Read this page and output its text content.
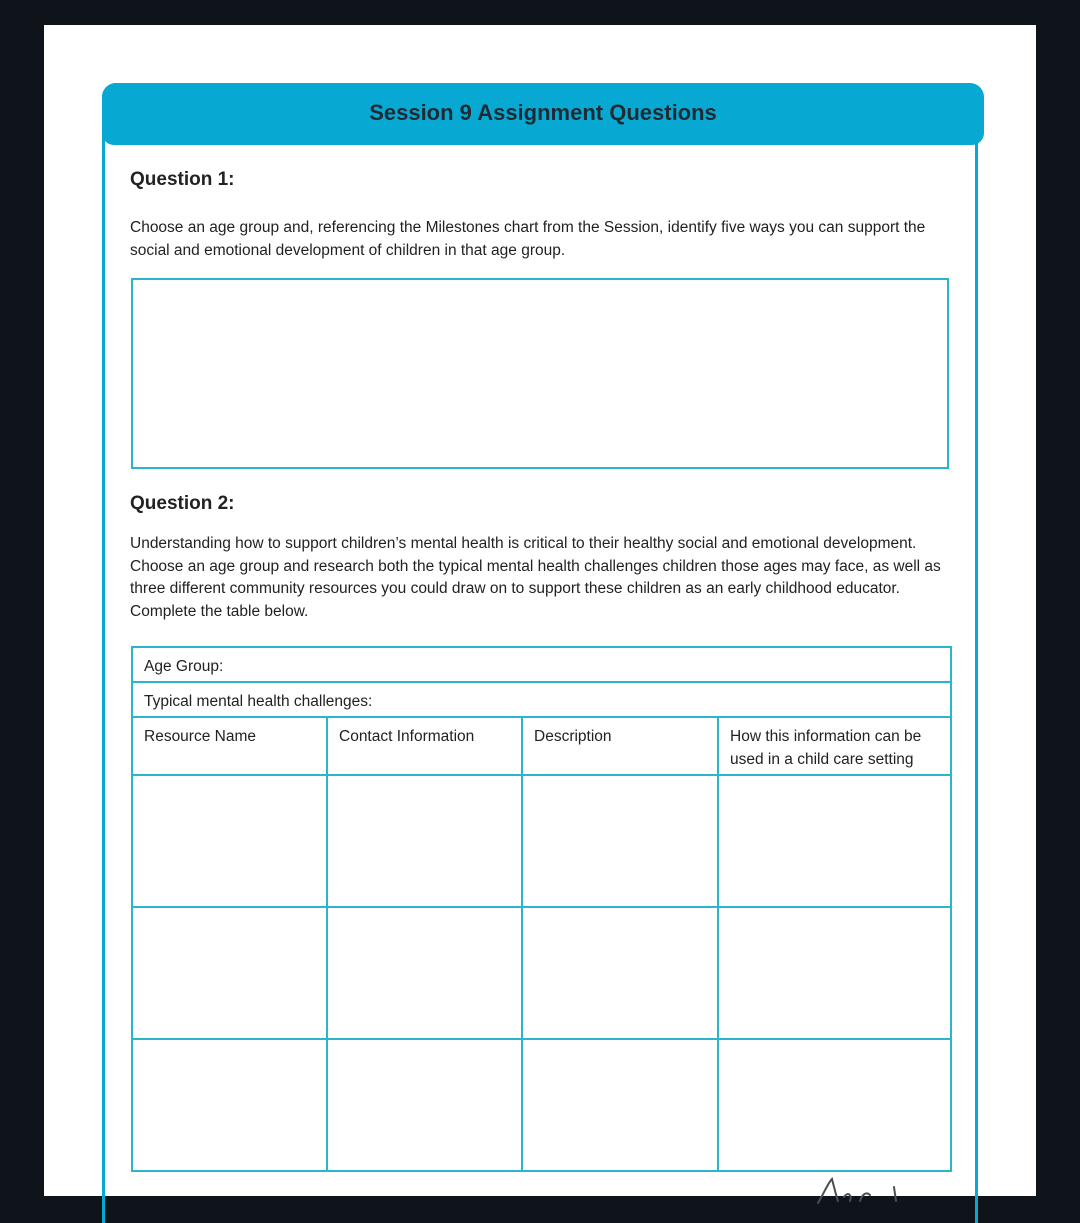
Session 9 Assignment Questions
Question 1:

Choose an age group and, referencing the Milestones chart from the Session, identify five ways you can support the social and emotional development of children in that age group.

Question 2:

Understanding how to support children’s mental health is critical to their healthy social and emotional development. Choose an age group and research both the typical mental health challenges children those ages may face, as well as three different community resources you could draw on to support these children as an early childhood educator. Complete the table below.

Age Group:			
Typical mental health challenges:			
Resource Name	Contact Information	Description	How this information can be used in a child care setting
